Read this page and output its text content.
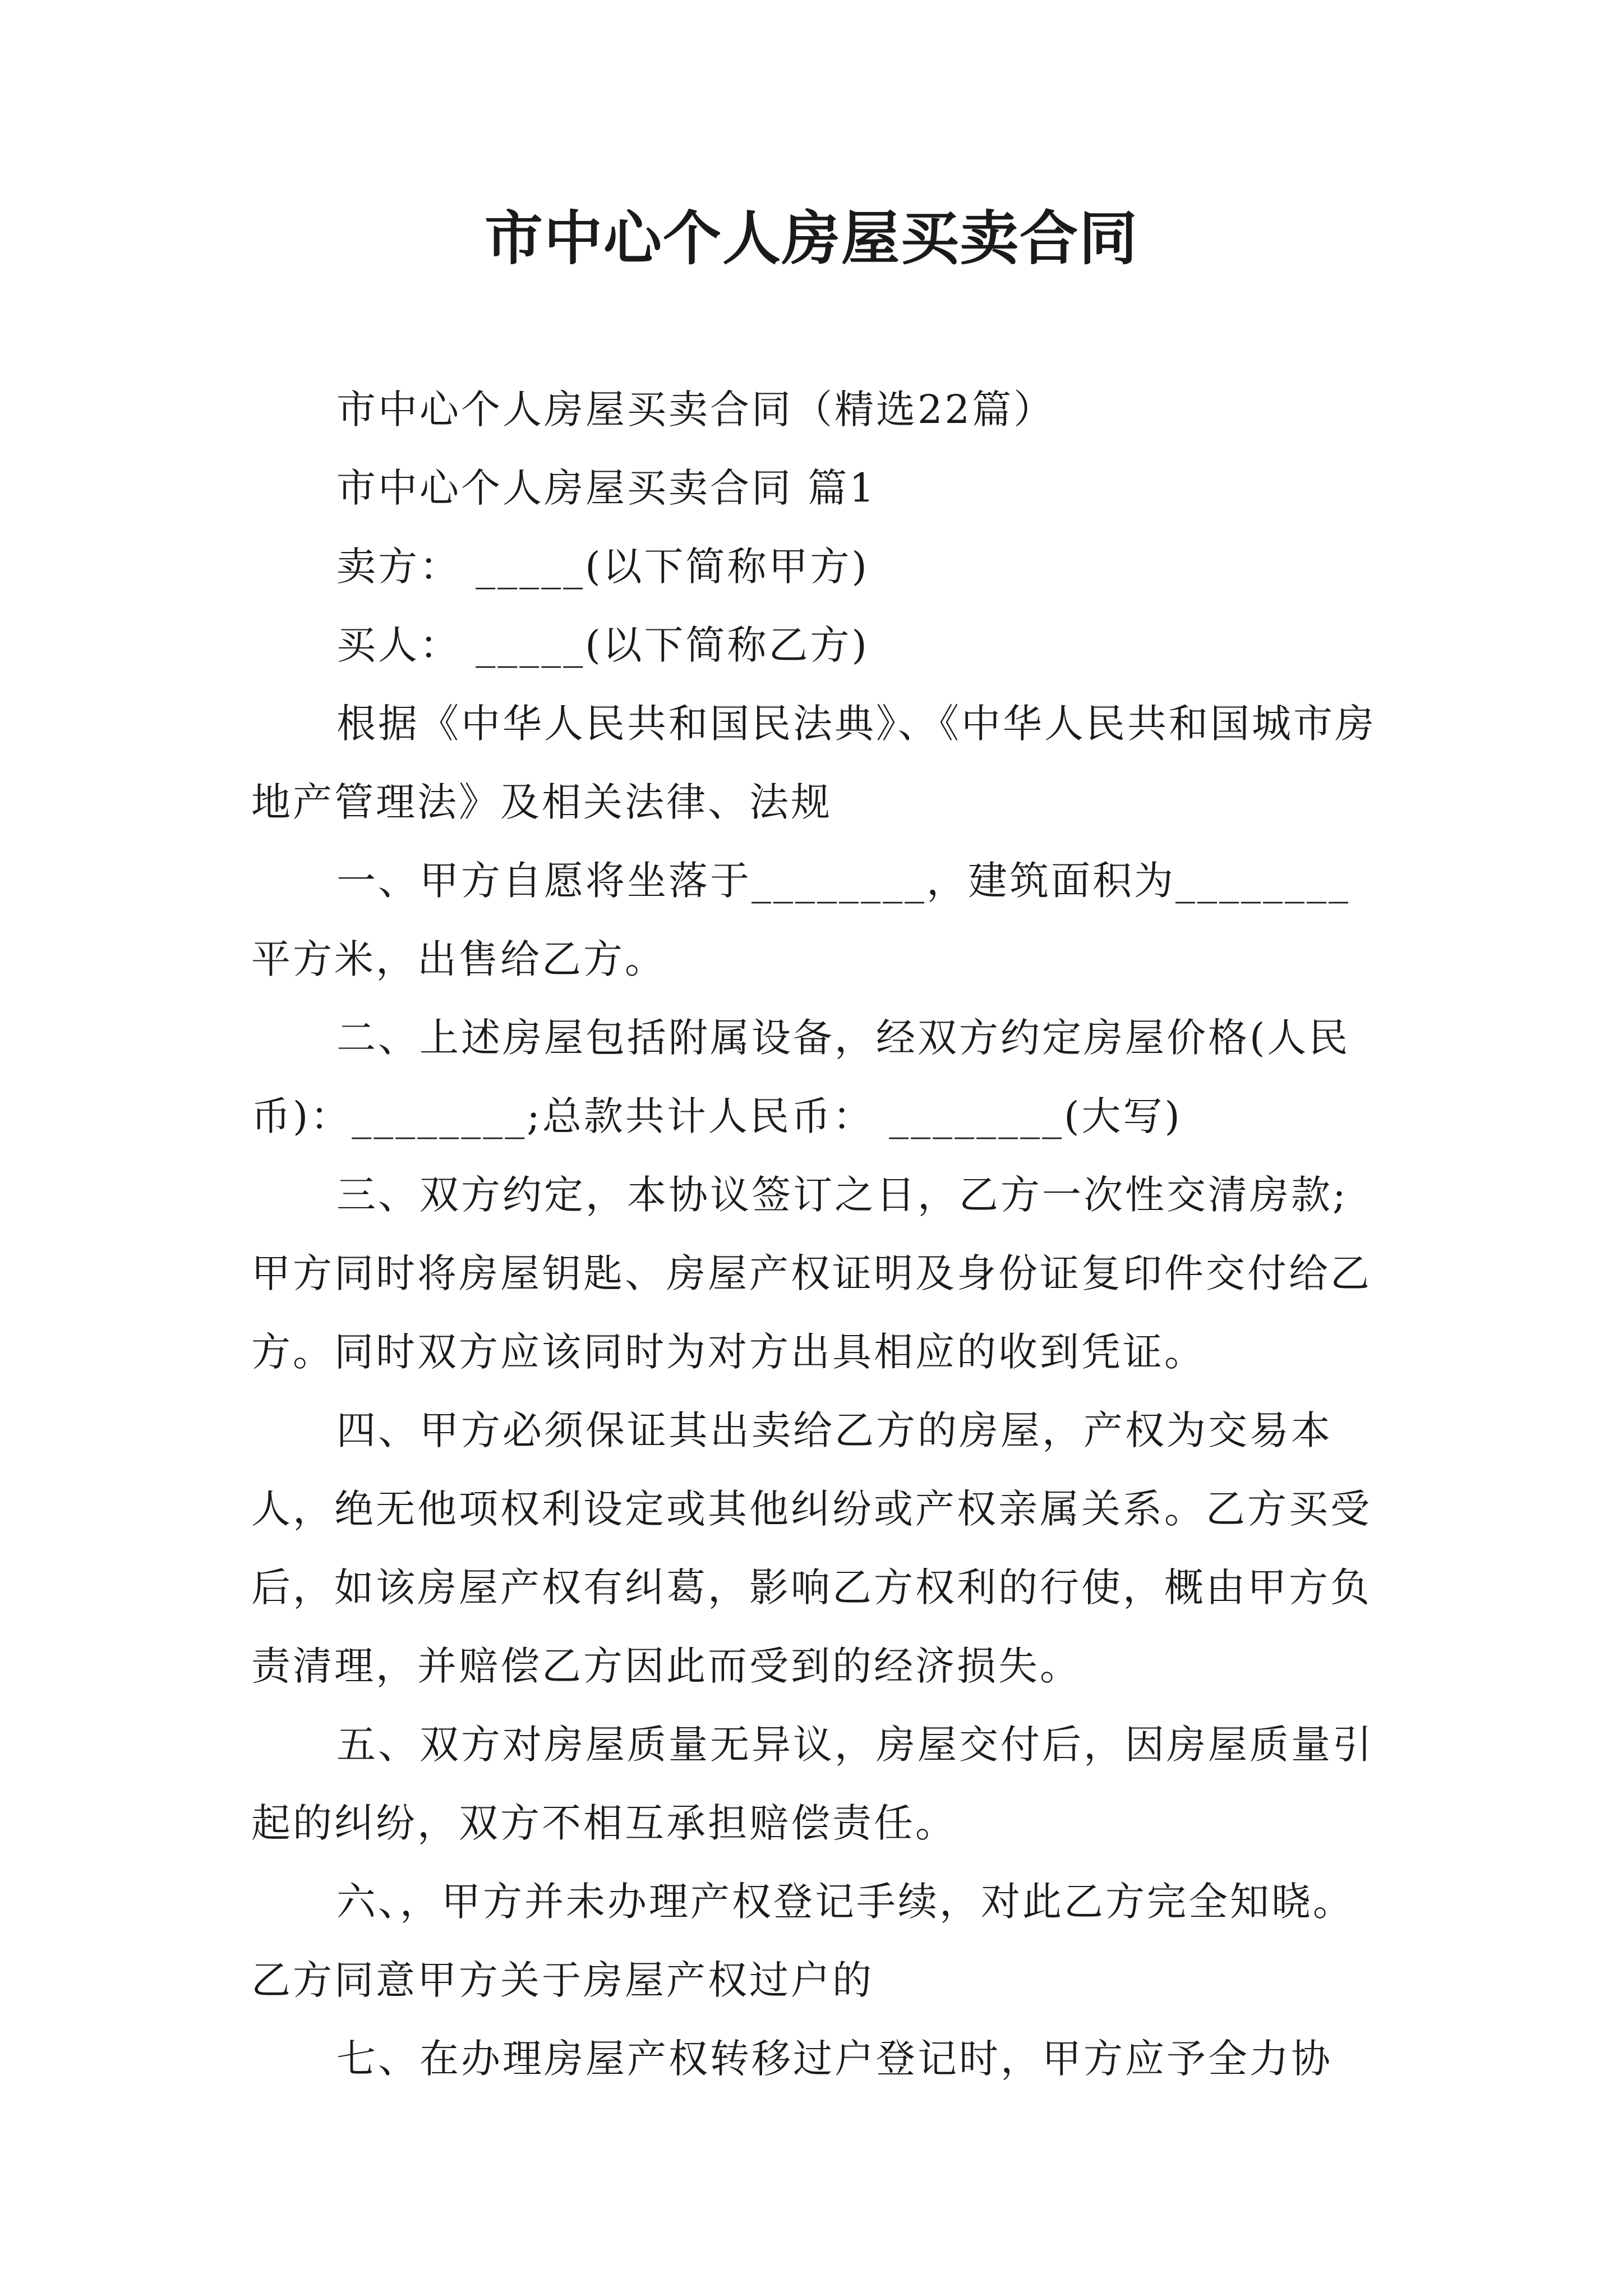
市中心个人房屋买卖合同

市中心个人房屋买卖合同（精选22篇）

市中心个人房屋买卖合同 篇1

卖方： _____(以下简称甲方)

买人： _____(以下简称乙方)

根据《中华人民共和国民法典》、《中华人民共和国城市房地产管理法》及相关法律、法规

一、甲方自愿将坐落于________，建筑面积为________平方米，出售给乙方。

二、上述房屋包括附属设备，经双方约定房屋价格(人民币)：________;总款共计人民币： ________(大写)

三、双方约定，本协议签订之日，乙方一次性交清房款;甲方同时将房屋钥匙、房屋产权证明及身份证复印件交付给乙方。同时双方应该同时为对方出具相应的收到凭证。

四、甲方必须保证其出卖给乙方的房屋，产权为交易本人，绝无他项权利设定或其他纠纷或产权亲属关系。乙方买受后，如该房屋产权有纠葛，影响乙方权利的行使，概由甲方负责清理，并赔偿乙方因此而受到的经济损失。

五、双方对房屋质量无异议，房屋交付后，因房屋质量引起的纠纷，双方不相互承担赔偿责任。

六、，甲方并未办理产权登记手续，对此乙方完全知晓。乙方同意甲方关于房屋产权过户的

七、在办理房屋产权转移过户登记时，甲方应予全力协
